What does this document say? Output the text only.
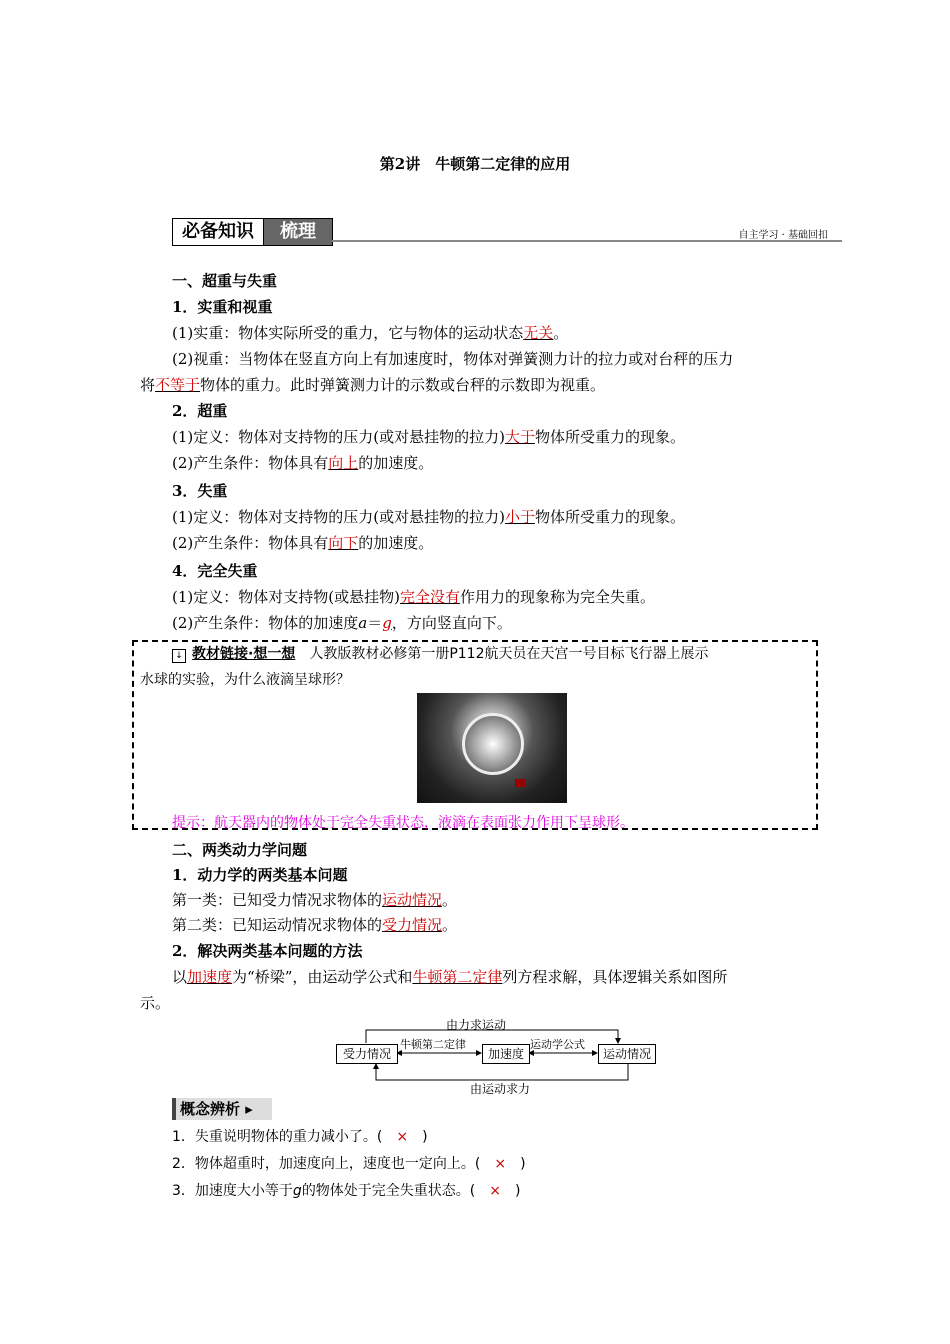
第2讲　牛顿第二定律的应用
必备知识	梳理	自主学习 · 基础回扣
一、超重与失重
1．实重和视重
(1)实重：物体实际所受的重力，它与物体的运动状态无关。
(2)视重：当物体在竖直方向上有加速度时，物体对弹簧测力计的拉力或对台秤的压力
将不等于物体的重力。此时弹簧测力计的示数或台秤的示数即为视重。
2．超重
(1)定义：物体对支持物的压力(或对悬挂物的拉力)大于物体所受重力的现象。
(2)产生条件：物体具有向上的加速度。
3．失重
(1)定义：物体对支持物的压力(或对悬挂物的拉力)小于物体所受重力的现象。
(2)产生条件：物体具有向下的加速度。
4．完全失重
(1)定义：物体对支持物(或悬挂物)完全没有作用力的现象称为完全失重。
(2)产生条件：物体的加速度a＝g，方向竖直向下。
↓ 教材链接·想一想　 人教版教材必修第一册P112航天员在天宫一号目标飞行器上展示
水球的实验，为什么液滴呈球形？
提示：航天器内的物体处于完全失重状态，液滴在表面张力作用下呈球形。
二、两类动力学问题
1．动力学的两类基本问题
第一类：已知受力情况求物体的运动情况。
第二类：已知运动情况求物体的受力情况。
2．解决两类基本问题的方法
以加速度为“桥梁”，由运动学公式和牛顿第二定律列方程求解，具体逻辑关系如图所
示。
由力求运动
由运动求力
受力情况	加速度	运动情况
牛顿第二定律	运动学公式
概念辨析 ▸
1．失重说明物体的重力减小了。(　 ×　 )
2．物体超重时，加速度向上，速度也一定向上。(　 ×　 )
3．加速度大小等于g的物体处于完全失重状态。(　 ×　 )
